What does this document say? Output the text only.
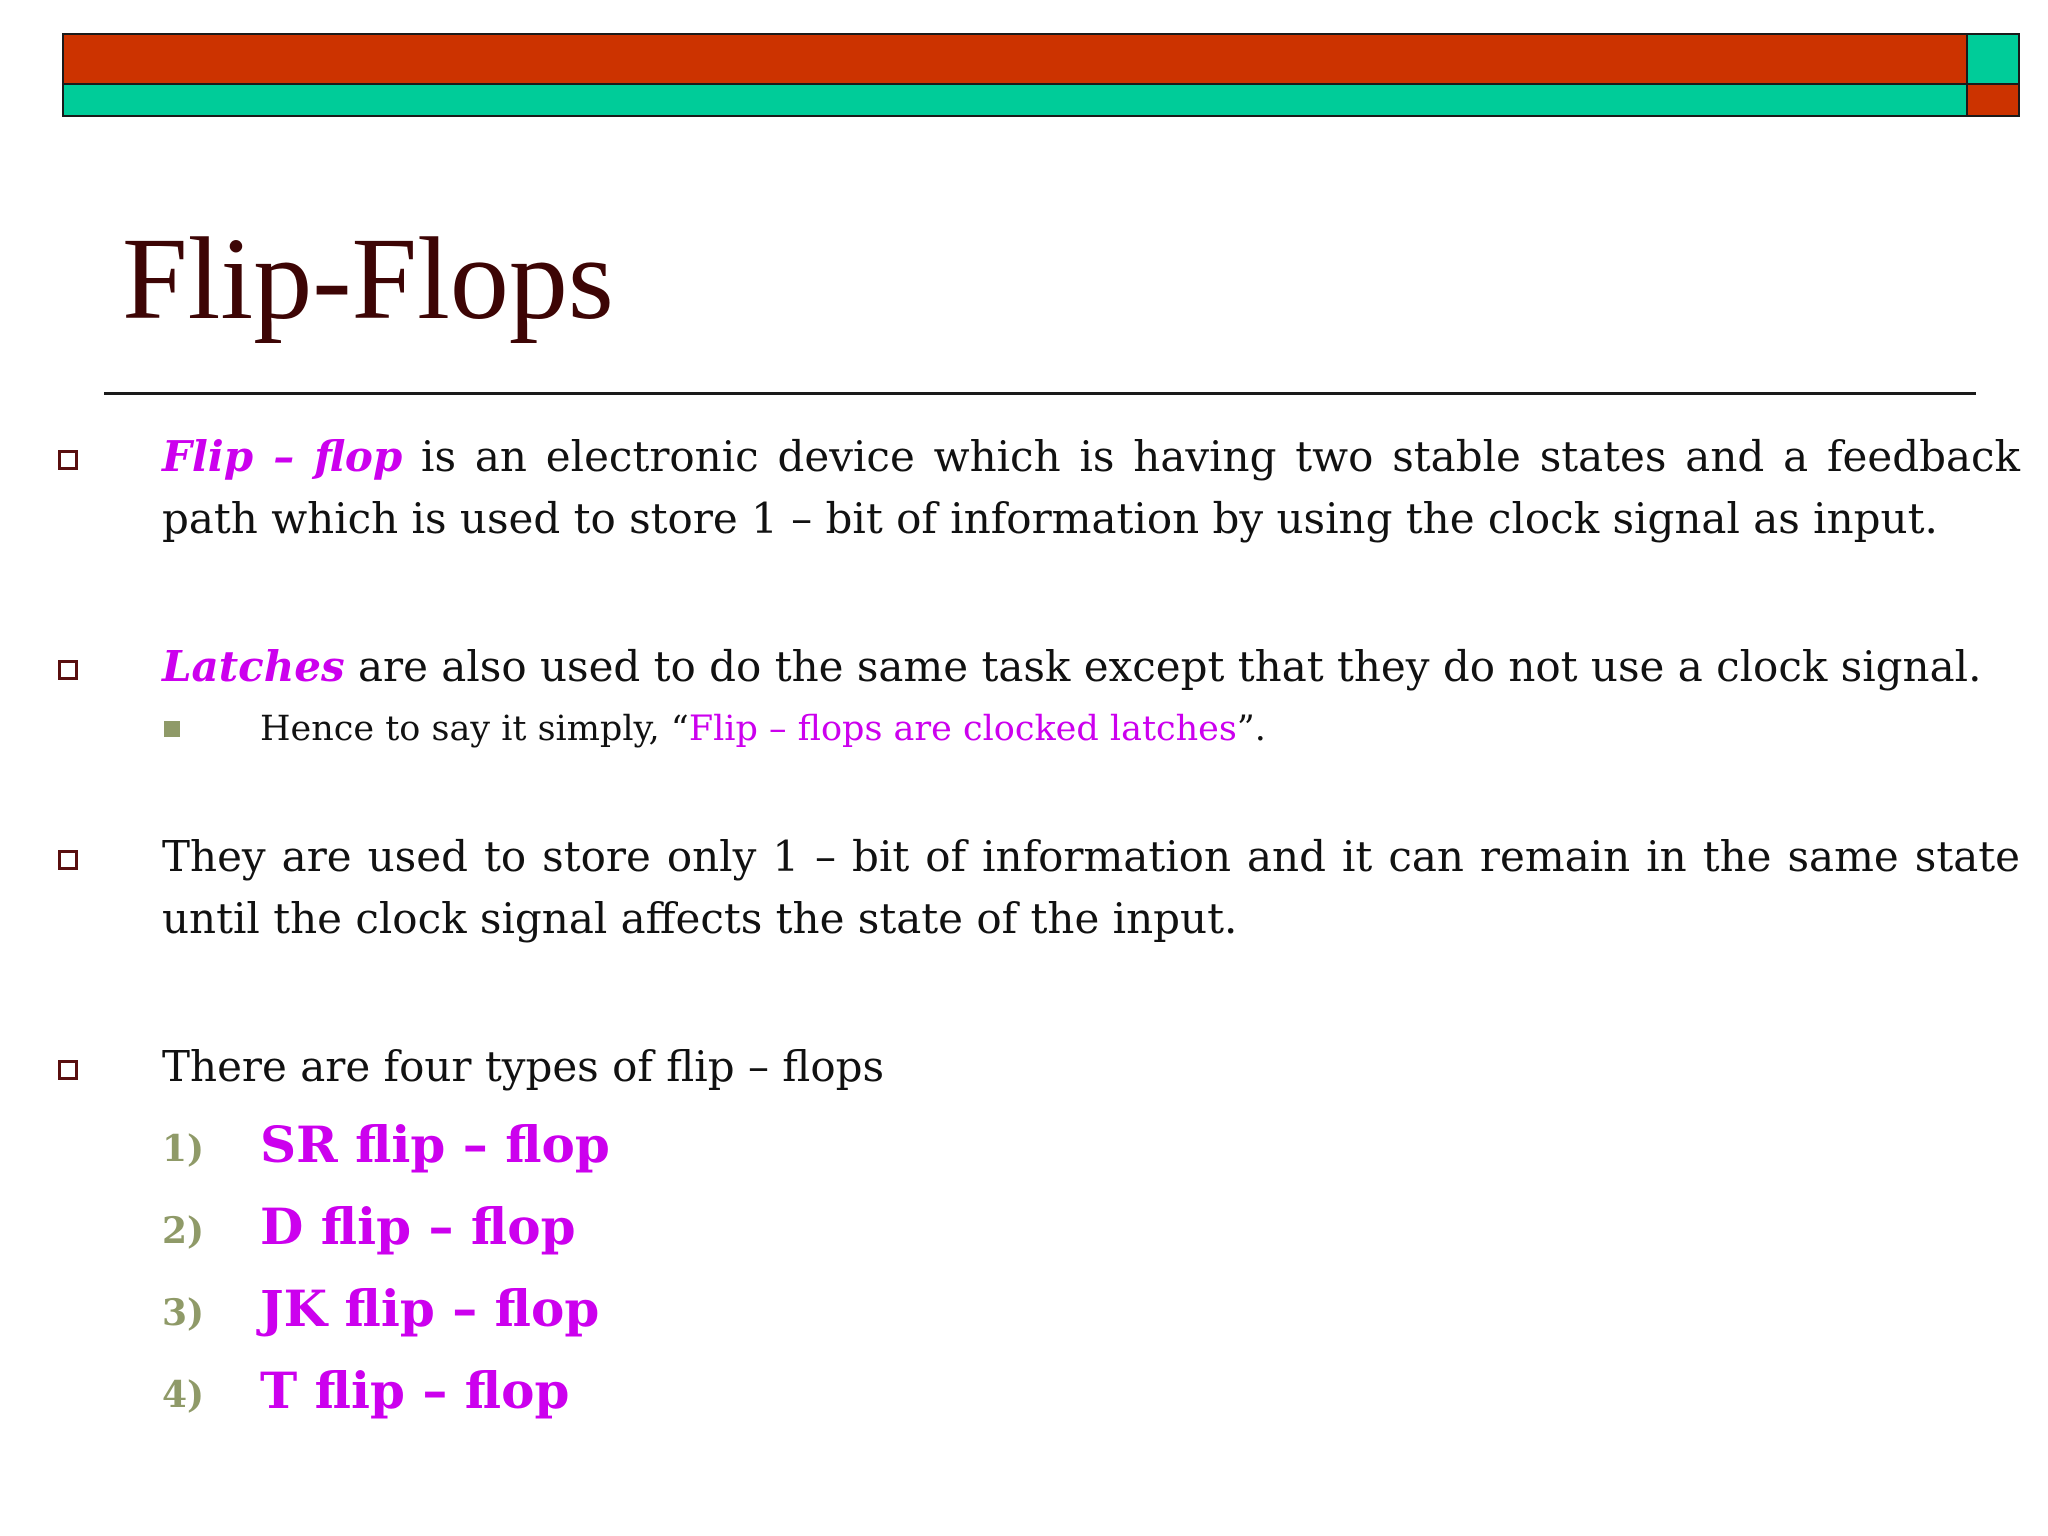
Flip-Flops
Flip – flop is an electronic device which is having two stable states and a feedback path which is used to store 1 – bit of information by using the clock signal as input.
Latches are also used to do the same task except that they do not use a clock signal.
Hence to say it simply, “Flip – flops are clocked latches”.
They are used to store only 1 – bit of information and it can remain in the same state until the clock signal affects the state of the input.
There are four types of flip – flops
1) SR flip – flop
2) D flip – flop
3) JK flip – flop
4) T flip – flop
